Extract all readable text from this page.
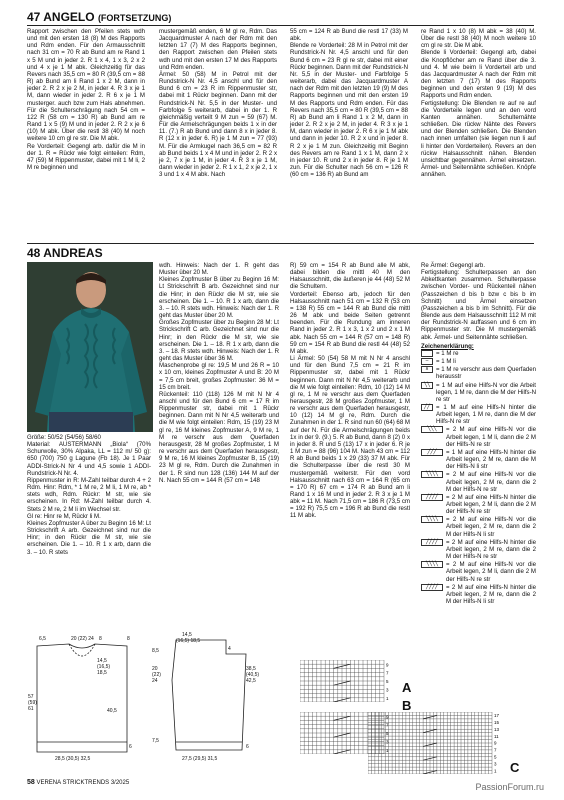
47 ANGELO (FORTSETZUNG)

Rapport zwischen den Pfeilen stets wdh und mit den ersten 18 (8) M des Rapports und Rdm enden. Für den Armausschnitt nach 31 cm = 70 R ab Bund am re Rand 1 x 5 M und in jeder 2. R 1 x 4, 1 x 3, 2 x 2 und 4 x je 1 M abk. Gleichzeitig für das Revers nach 35,5 cm = 80 R (39,5 cm = 88 R) ab Bund am li Rand 1 x 2 M, dann in jeder 2. R 2 x je 2 M, in jeder 4. R 3 x je 1 M, dann wieder in jeder 2. R 6 x je 1 M musterger. auch bzw zum Hals abnehmen. Für die Schulterschrägung nach 54 cm = 122 R (58 cm = 130 R) ab Bund am re Rand 1 x 5 (9) M und in jeder 2. R 2 x je 6 (10) M abk. Über die restl 38 (40) M noch weitere 10 cm gl re str. Die M abk.

Re Vorderteil: Gegengl arb. dafür die M in der 1. R = Rückr wie folgt einteilen: Rdm, 47 (59) M Rippenmuster, dabei mit 1 M li, 2 M re beginnen und

mustergemäß enden, 6 M gl re, Rdm. Das Jacquardmuster A nach der Rdm mit den letzten 17 (7) M des Rapports beginnen, den Rapport zwischen den Pfeilen stets wdh und mit den ersten 17 M des Rapports und Rdm enden.

Ärmel: 50 (58) M in Petrol mit der Rundstrick-N Nr. 4,5 anschl und für den Bund 6 cm = 23 R im Rippenmuster str, dabei mit 1 Rückr beginnen. Dann mit der Rundstrick-N Nr. 5,5 in der Muster- und Farbfolge 5 weiterarb, dabei in der 1. R gleichmäßig verteilt 9 M zun = 59 (67) M. Für die Armelschrägungen beids 1 x in der 11. (7.) R ab Bund und dann 8 x in jeder 8. R (12 x in jeder 6. R) je 1 M zun = 77 (93) M. Für die Armkugel nach 36,5 cm = 82 R ab Bund beids 1 x 4 M und in jeder 2. R 2 x je 2, 7 x je 1 M, in jeder 4. R 3 x je 1 M, dann wieder in jeder 2. R 1 x 1, 2 x je 2, 1 x 3 und 1 x 4 M abk. Nach

55 cm = 124 R ab Bund die restl 17 (33) M abk.

Blende re Vorderteil: 28 M in Petrol mit der Rundstrick-N Nr. 4,5 anschl und für den Bund 6 cm = 23 R gl re str, dabei mit einer Rückr beginnen. Dann mit der Rundstrick-N Nr. 5,5 in der Muster- und Farbfolge 5 weiterarb, dabei das Jacquardmuster A nach der Rdm mit den letzten 19 (9) M des Rapports beginnen und mit den ersten 19 M des Rapports und Rdm enden. Für das Revers nach 35,5 cm = 80 R (39,5 cm = 88 R) ab Bund am li Rand 1 x 2 M, dann in jeder 2. R 2 x je 2 M, in jeder 4. R 3 x je 1 M, dann wieder in jeder 2. R 6 x je 1 M abk und dann in jeder 10. R 2 x und in jeder 8. R 2 x je 1 M zun. Gleichzeitig mit Beginn des Revers am re Rand 1 x 1 M, dann 2 x in jeder 10. R und 2 x in jeder 8. R je 1 M zun. Für die Schulter nach 56 cm = 126 R (60 cm = 136 R) ab Bund am

re Rand 1 x 10 (8) M abk = 38 (40) M. Über die restl 38 (40) M noch weitere 10 cm gl re str. Die M abk.

Blende li Vorderteil: Gegengl arb, dabei die Knopflöcher am re Rand über die 3. und 4. M wie beim li Vorderteil arb und das Jacquardmuster A nach der Rdm mit den letzten 7 (17) M des Rapports beginnen und den ersten 9 (19) M des Rapports und Rdm enden.

Fertigstellung: Die Blenden re auf re auf die Vorderteile legen und an den vord Kanten annähen. Schulternähte schließen. Die rückw Nähte des Revers und der Blenden schließen. Die Blenden nach innen umfalten (sie liegen nun li auf li hinter den Vorderteilen). Revers an den rückw Halsausschnitt nähen. Blenden unsichtbar gegennähen. Ärmel einsetzen. Ärmel- und Seitennähte schließen. Knöpfe annähen.

48 ANDREAS

Größe: 50/52 (54/56) 58/60

Material: AUSTERMANN „Biola“ (70% Schurwolle, 30% Alpaka, LL = 112 m/ 50 g): 650 (700) 750 g Lagune (Fb 18). Je 1 Paar ADDI-Strick-N Nr 4 und 4,5 sowie 1 ADDI-Rundstrick-N Nr. 4.

Rippenmuster in R: M-Zahl teilbar durch 4 + 2 Rdm. Hinr: Rdm, * 1 M re, 2 M li, 1 M re, ab * stets wdh, Rdm. Rückr: M str, wie sie erscheinen. In Rd: M-Zahl teilbar durch 4. Stets 2 M re, 2 M li im Wechsel str.

Gl re: Hinr re M, Rückr li M.

Kleines Zopfmuster A über zu Beginn 16 M: Lt Strickschrift A arb. Gezeichnet sind nur die Hinr; in den Rückr die M str, wie sie erscheinen. Die 1. – 10. R 1 x arb, dann die 3. – 10. R stets

wdh. Hinweis: Nach der 1. R geht das Muster über 20 M.

Kleines Zopfmuster B über zu Beginn 16 M: Lt Strickschrift B arb. Gezeichnet sind nur die Hinr; in den Rückr die M str, wie sie erscheinen. Die 1. – 10. R 1 x arb, dann die 3. – 10. R stets wdh. Hinweis: Nach der 1. R geht das Muster über 20 M.

Großes Zopfmuster über zu Beginn 28 M: Lt Strickschrift C arb. Gezeichnet sind nur die Hinr; in den Rückr die M str, wie sie erscheinen. Die 1. – 18. R 1 x arb, dann die 3. – 18. R stets wdh. Hinweis: Nach der 1. R geht das Muster über 36 M.

Maschenprobe gl re: 19,5 M und 26 R = 10 x 10 cm, kleines Zopfmuster A und B: 20 M = 7,5 cm breit, großes Zopfmuster: 36 M = 15 cm breit.

Rückenteil: 110 (118) 126 M mit N Nr 4 anschl und für den Bund 6 cm = 17 R im Rippenmuster str, dabei mit 1 Rückr beginnen. Dann mit N Nr 4,5 weiterarb und die M wie folgt einteilen: Rdm, 15 (19) 23 M gl re, 16 M kleines Zopfmuster A, 9 M re, 1 M re verschr aus dem Querfaden herausgestr, 28 M großes Zopfmuster, 1 M re verschr aus dem Querfaden herausgestr, 9 M re, 16 M kleines Zopfmuster B, 15 (19) 23 M gl re, Rdm. Durch die Zunahmen in der 1. R sind nun 128 (136) 144 M auf der N. Nach 55 cm = 144 R (57 cm = 148

R) 59 cm = 154 R ab Bund alle M abk, dabei bilden die mittl 40 M den Halsausschnitt, die äußeren je 44 (48) 52 M die Schultern.

Vorderteil: Ebenso arb, jedoch für den Halsausschnitt nach 51 cm = 132 R (53 cm = 138 R) 55 cm = 144 R ab Bund die mittl 26 M abk und beide Seiten getrennt beenden. Für die Rundung am inneren Rand in jeder 2. R 1 x 3, 1 x 2 und 2 x 1 M abk. Nach 55 cm = 144 R (57 cm = 148 R) 59 cm = 154 R ab Bund die restl 44 (48) 52 M abk.

Li Ärmel: 50 (54) 58 M mit N Nr 4 anschl und für den Bund 7,5 cm = 21 R im Rippenmuster str, dabei mit 1 Rückr beginnen. Dann mit N Nr 4,5 weiterarb und die M wie folgt einteilen: Rdm, 10 (12) 14 M gl re, 1 M re verschr aus dem Querfaden herausgestr, 28 M großes Zopfmuster, 1 M re verschr aus dem Querfaden herausgestr, 10 (12) 14 M gl re, Rdm. Durch die Zunahmen in der 1. R sind nun 60 (64) 68 M auf der N. Für die Armelschrägungen beids 1x in der 9. (9.) 5. R ab Bund, dann 8 (2) 0 x in jeder 8. R und 5 (13) 17 x in jeder 6. R je 1 M zun = 88 (96) 104 M. Nach 43 cm = 112 R ab Bund beids 1 x 29 (33) 37 M abk. Für die Schulterpasse über die restl 30 M mustergemäß weiterstr. Für den vord Halsausschnitt nach 63 cm = 164 R (65 cm = 170 R) 67 cm = 174 R ab Bund am li Rand 1 x 16 M und in jeder 2. R 3 x je 1 M abk = 11 M. Nach 71,5 cm = 186 R (73,5 cm = 192 R) 75,5 cm = 196 R ab Bund die restl 11 M abk.

Re Ärmel: Gegengl arb.

Fertigstellung: Schulterpassen an den Abkettkanten zusammen. Schulterpasse zwischen Vorder- und Rückenteil nähen (Passzeichen d bis b bzw c bis b im Schnitt) und Ärmel einsetzen (Passzeichen a bis b im Schnitt). Für die Blende aus dem Halsausschnitt 112 M mit der Rundstrick-N auffassen und 6 cm im Rippenmuster str. Die M mustergemäß abk. Ärmel- und Seitennähte schließen.

Zeichenerklärung:

= 1 M re
–	= 1 M li
∧	= 1 M re verschr aus dem Querfaden herausstr
╲╲ = 1 M auf eine Hilfs-N vor die Arbeit legen, 1 M re, dann die M der Hilfs-N re str
╱╱ = 1 M auf eine Hilfs-N hinter die Arbeit legen, 1 M re, dann die M der Hilfs-N re str
╲╲╲	= 2 M auf eine Hilfs-N vor die Arbeit legen, 1 M li, dann die 2 M der Hilfs-N re str
╱╱╱	= 1 M auf eine Hilfs-N hinter die Arbeit legen, 2 M re, dann die M der Hilfs-N li str
╲╲╲╲	= 2 M auf eine Hilfs-N vor die Arbeit legen, 2 M re, dann die 2 M der Hilfs-N re str
╱╱╱╱	= 2 M auf eine Hilfs-N hinter die Arbeit legen, 2 M li, dann die 2 M der Hilfs-N re str
╲╲╲╲	= 2 M auf eine Hilfs-N vor die Arbeit legen, 2 M re, dann die 2 M der Hilfs-N li str
╱╱╱╱	= 2 M auf eine Hilfs-N hinter die Arbeit legen, 2 M re, dann die 2 M der Hilfs-N re str
╲╲╲╲	= 2 M auf eine Hilfs-N vor die Arbeit legen, 2 M li, dann die 2 M der Hilfs-N re str
╱╱╱╱	= 2 M auf eine Hilfs-N hinter die Arbeit legen, 2 M re, dann die 2 M der Hilfs-N li str
6,5	20 (22) 24 8	8
14,5
(16,5)
18,5
57
(59)
61	40,5
6
28,5 (30,5) 32,5
14,5
(16,5) 18,5
4
8,5
20
(22)
24
38,5
(40,5)
42,5
7,5
27,5 (29,5) 31,5
6
9
7
5
3
1
A
9
7
5
3
1
B
17
15
13
11
9
7
5
3
1 C
58 VERENA STRICKTRENDS 3/2025	PassionForum.ru
